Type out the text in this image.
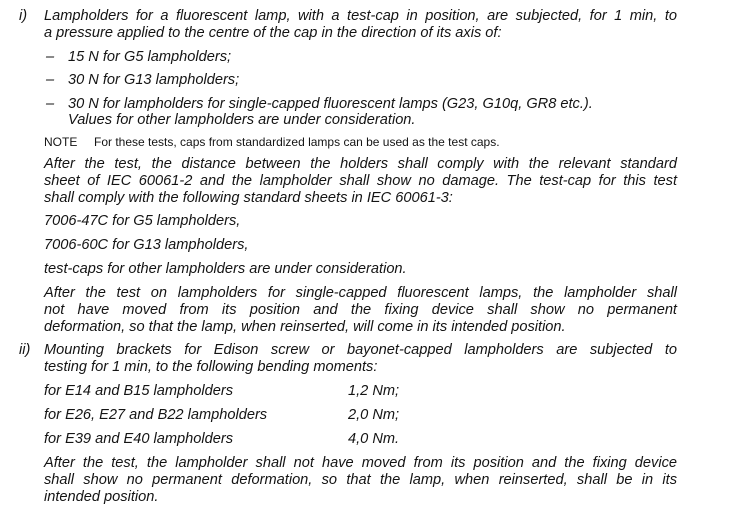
i) Lampholders for a fluorescent lamp, with a test-cap in position, are subjected, for 1 min, to
a pressure applied to the centre of the cap in the direction of its axis of:
– 15 N for G5 lampholders;
– 30 N for G13 lampholders;
– 30 N for lampholders for single-capped fluorescent lamps (G23, G10q, GR8 etc.).
Values for other lampholders are under consideration.
NOTE For these tests, caps from standardized lamps can be used as the test caps.
After the test, the distance between the holders shall comply with the relevant standard
sheet of IEC 60061-2 and the lampholder shall show no damage. The test-cap for this test
shall comply with the following standard sheets in IEC 60061-3:
7006-47C for G5 lampholders,
7006-60C for G13 lampholders,
test-caps for other lampholders are under consideration.
After the test on lampholders for single-capped fluorescent lamps, the lampholder shall
not have moved from its position and the fixing device shall show no permanent
deformation, so that the lamp, when reinserted, will come in its intended position.
ii) Mounting brackets for Edison screw or bayonet-capped lampholders are subjected to
testing for 1 min, to the following bending moments:
for E14 and B15 lampholders	1,2 Nm;
for E26, E27 and B22 lampholders	2,0 Nm;
for E39 and E40 lampholders	4,0 Nm.
After the test, the lampholder shall not have moved from its position and the fixing device
shall show no permanent deformation, so that the lamp, when reinserted, shall be in its
intended position.
